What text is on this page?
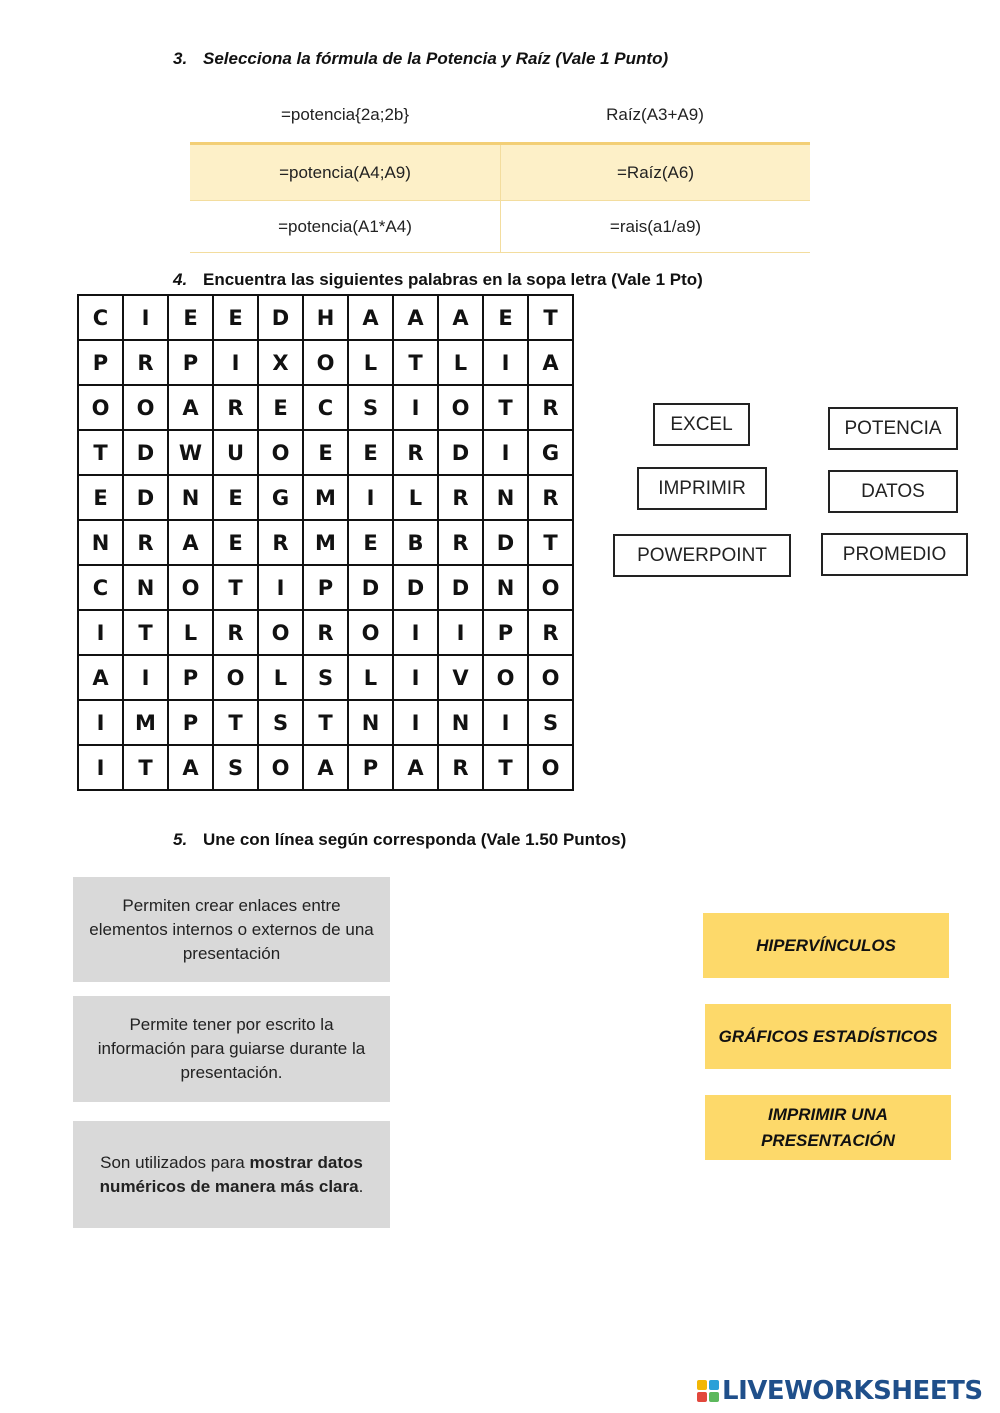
3. Selecciona la fórmula de la Potencia y Raíz (Vale 1 Punto)
=potencia{2a;2b}	Raíz(A3+A9)
=potencia(A4;A9)	=Raíz(A6)
=potencia(A1*A4)	=rais(a1/a9)
4. Encuentra las siguientes palabras en la sopa letra (Vale 1 Pto)
C	I	E	E	D	H	A	A	A	E	T
P	R	P	I	X	O	L	T	L	I	A
O	O	A	R	E	C	S	I	O	T	R
T	D	W	U	O	E	E	R	D	I	G
E	D	N	E	G	M	I	L	R	N	R
N	R	A	E	R	M	E	B	R	D	T
C	N	O	T	I	P	D	D	D	N	O
I	T	L	R	O	R	O	I	I	P	R
A	I	P	O	L	S	L	I	V	O	O
I	M	P	T	S	T	N	I	N	I	S
I	T	A	S	O	A	P	A	R	T	O
EXCEL	POTENCIA
IMPRIMIR	DATOS
POWERPOINT	PROMEDIO
5. Une con línea según corresponda (Vale 1.50 Puntos)
Permiten crear enlaces entre elementos internos o externos de una presentación
Permite tener por escrito la información para guiarse durante la presentación.
Son utilizados para mostrar datos numéricos de manera más clara.
HIPERVÍNCULOS
GRÁFICOS ESTADÍSTICOS
IMPRIMIR UNA PRESENTACIÓN
LIVEWORKSHEETS
